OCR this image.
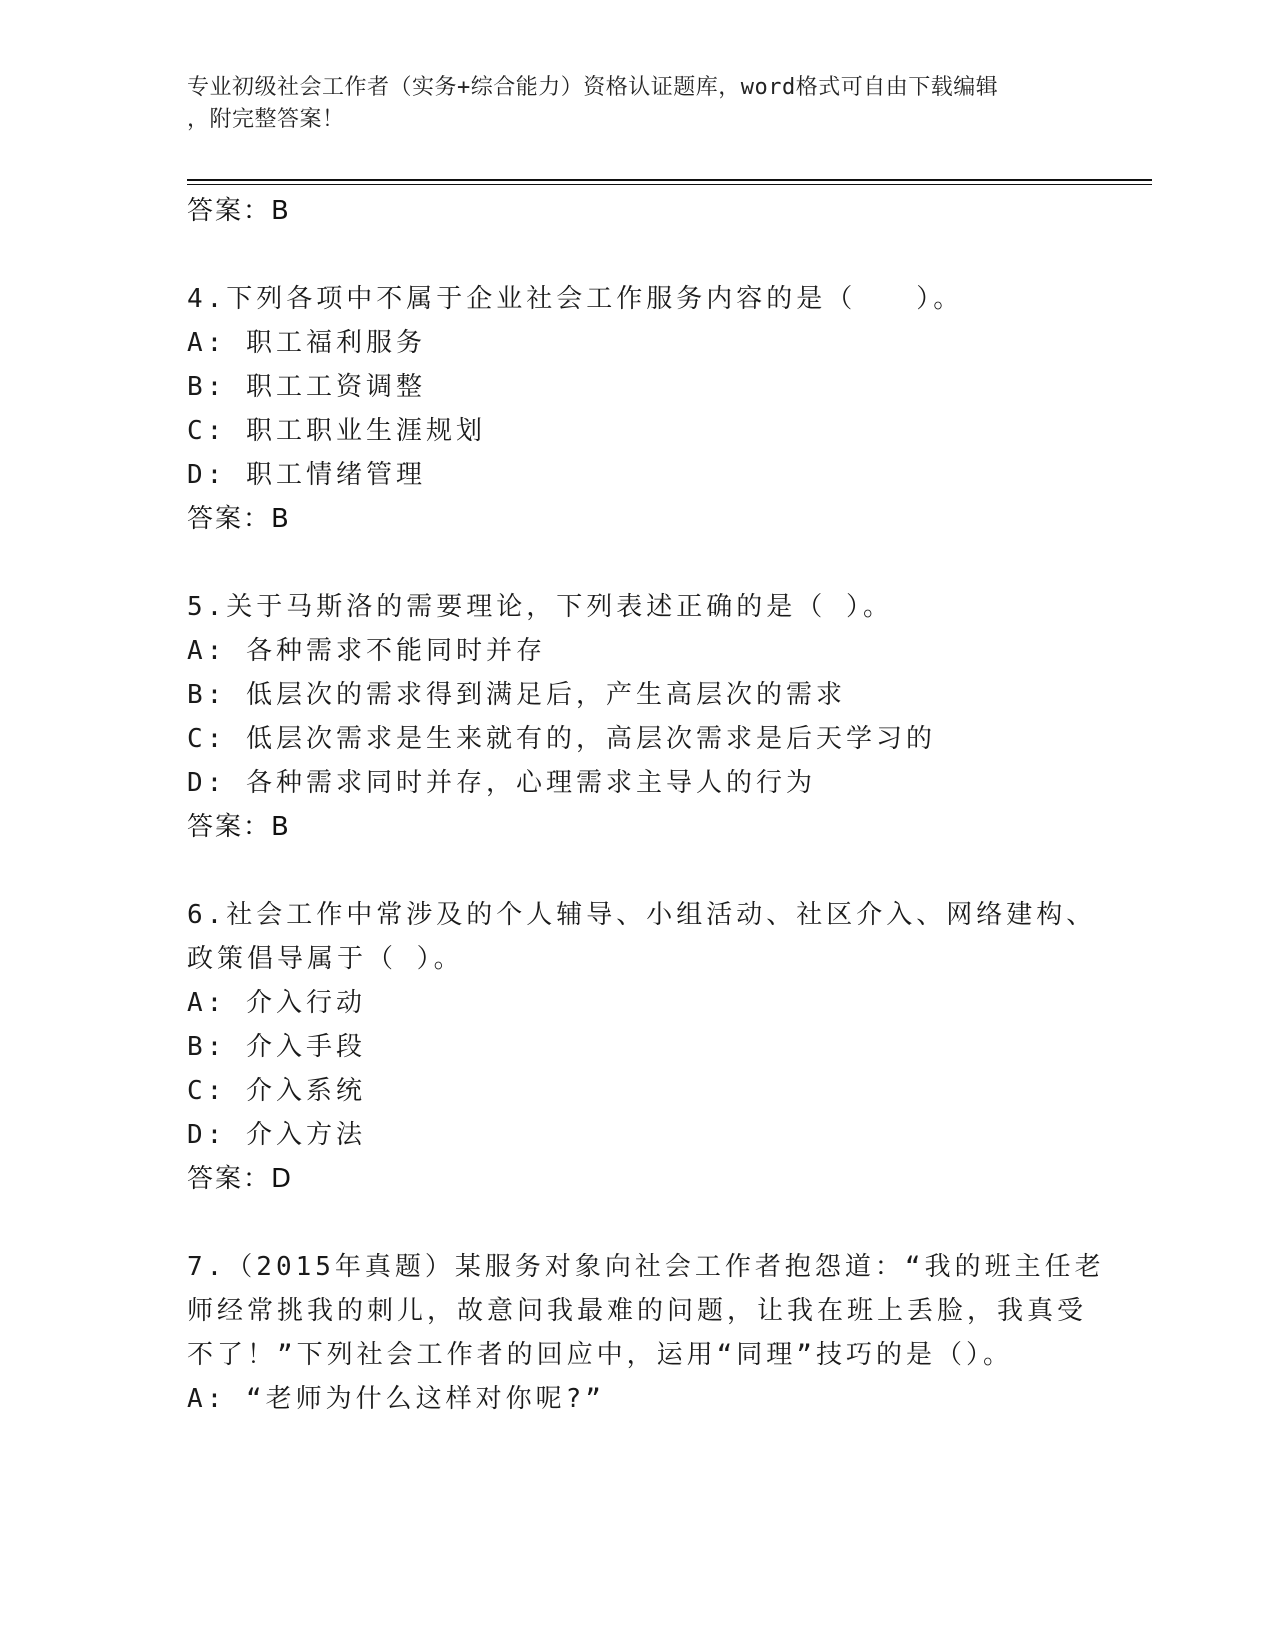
专业初级社会工作者（实务+综合能力）资格认证题库，word格式可自由下载编辑
，附完整答案！
答案：B
4.下列各项中不属于企业社会工作服务内容的是（　　）。
A: 职工福利服务
B: 职工工资调整
C: 职工职业生涯规划
D: 职工情绪管理
答案：B
5.关于马斯洛的需要理论，下列表述正确的是（ ）。
A: 各种需求不能同时并存
B: 低层次的需求得到满足后，产生高层次的需求
C: 低层次需求是生来就有的，高层次需求是后天学习的
D: 各种需求同时并存，心理需求主导人的行为
答案：B
6.社会工作中常涉及的个人辅导、小组活动、社区介入、网络建构、
政策倡导属于（ ）。
A: 介入行动
B: 介入手段
C: 介入系统
D: 介入方法
答案：D
7.（2015年真题）某服务对象向社会工作者抱怨道：“我的班主任老
师经常挑我的刺儿，故意问我最难的问题，让我在班上丢脸，我真受
不了！”下列社会工作者的回应中，运用“同理”技巧的是（）。
A: “老师为什么这样对你呢?”
